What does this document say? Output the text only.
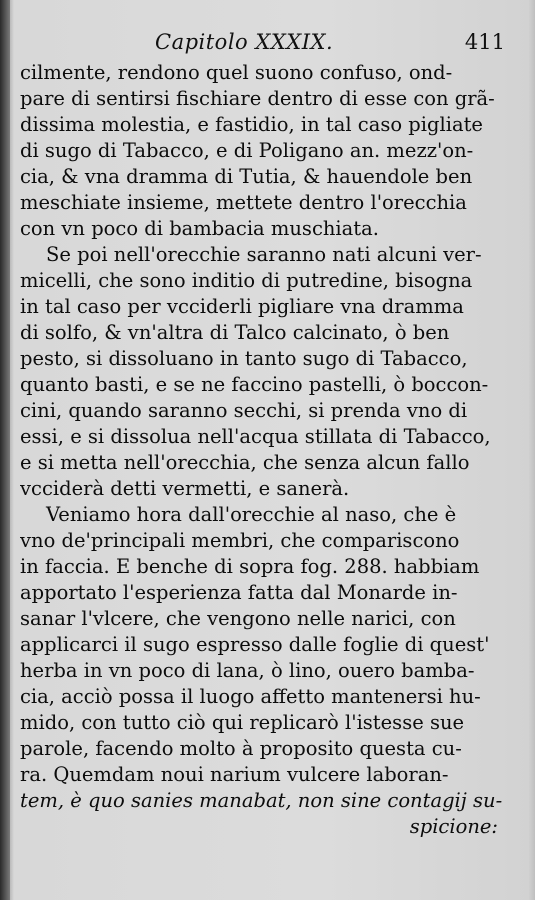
Capitolo XXXIX.	411
cilmente, rendono quel suono confuso, ond-
pare di sentirsi fischiare dentro di esse con grã-
dissima molestia, e fastidio, in tal caso pigliate
di sugo di Tabacco, e di Poligano an. mezz'on-
cia, & vna dramma di Tutia, & hauendole ben
meschiate insieme, mettete dentro l'orecchia
con vn poco di bambacia muschiata.
Se poi nell'orecchie saranno nati alcuni ver-
micelli, che sono inditio di putredine, bisogna
in tal caso per vcciderli pigliare vna dramma
di solfo, & vn'altra di Talco calcinato, ò ben
pesto, si dissoluano in tanto sugo di Tabacco,
quanto basti, e se ne faccino pastelli, ò boccon-
cini, quando saranno secchi, si prenda vno di
essi, e si dissolua nell'acqua stillata di Tabacco,
e si metta nell'orecchia, che senza alcun fallo
vcciderà detti vermetti, e sanerà.
Veniamo hora dall'orecchie al naso, che è
vno de'principali membri, che compariscono
in faccia. E benche di sopra fog. 288. habbiam
apportato l'esperienza fatta dal Monarde in-
sanar l'vlcere, che vengono nelle narici, con
applicarci il sugo espresso dalle foglie di quest'
herba in vn poco di lana, ò lino, ouero bamba-
cia, acciò possa il luogo affetto mantenersi hu-
mido, con tutto ciò qui replicarò l'istesse sue
parole, facendo molto à proposito questa cu-
ra. Quemdam noui narium vulcere laboran-
tem, è quo sanies manabat, non sine contagij su-
spicione:
